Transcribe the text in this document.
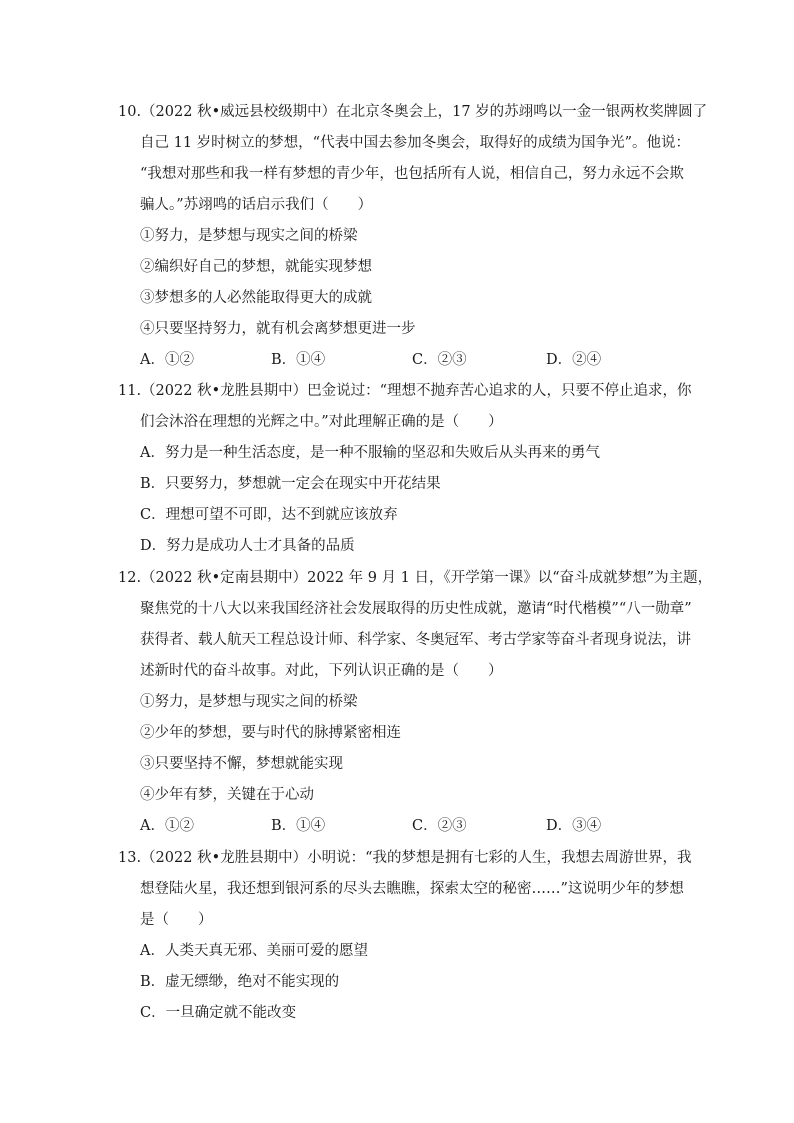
10.（2022 秋•威远县校级期中）在北京冬奥会上，17 岁的苏翊鸣以一金一银两枚奖牌圆了
自己 11 岁时树立的梦想，“代表中国去参加冬奥会，取得好的成绩为国争光”。他说：
“我想对那些和我一样有梦想的青少年，也包括所有人说，相信自己，努力永远不会欺
骗人。”苏翊鸣的话启示我们（　　）
①努力，是梦想与现实之间的桥梁
②编织好自己的梦想，就能实现梦想
③梦想多的人必然能取得更大的成就
④只要坚持努力，就有机会离梦想更进一步
A．①②	B．①④	C．②③	D．②④
11.（2022 秋•龙胜县期中）巴金说过：“理想不抛弃苦心追求的人，只要不停止追求，你
们会沐浴在理想的光辉之中。”对此理解正确的是（　　）
A．努力是一种生活态度，是一种不服输的坚忍和失败后从头再来的勇气
B．只要努力，梦想就一定会在现实中开花结果
C．理想可望不可即，达不到就应该放弃
D．努力是成功人士才具备的品质
12.（2022 秋•定南县期中）2022 年 9 月 1 日，《开学第一课》以“奋斗成就梦想”为主题，
聚焦党的十八大以来我国经济社会发展取得的历史性成就，邀请“时代楷模”“八一勋章”
获得者、载人航天工程总设计师、科学家、冬奥冠军、考古学家等奋斗者现身说法，讲
述新时代的奋斗故事。对此，下列认识正确的是（　　）
①努力，是梦想与现实之间的桥梁
②少年的梦想，要与时代的脉搏紧密相连
③只要坚持不懈，梦想就能实现
④少年有梦，关键在于心动
A．①②	B．①④	C．②③	D．③④
13.（2022 秋•龙胜县期中）小明说：“我的梦想是拥有七彩的人生，我想去周游世界，我
想登陆火星，我还想到银河系的尽头去瞧瞧，探索太空的秘密……”这说明少年的梦想
是（　　）
A．人类天真无邪、美丽可爱的愿望
B．虚无缥缈，绝对不能实现的
C．一旦确定就不能改变
